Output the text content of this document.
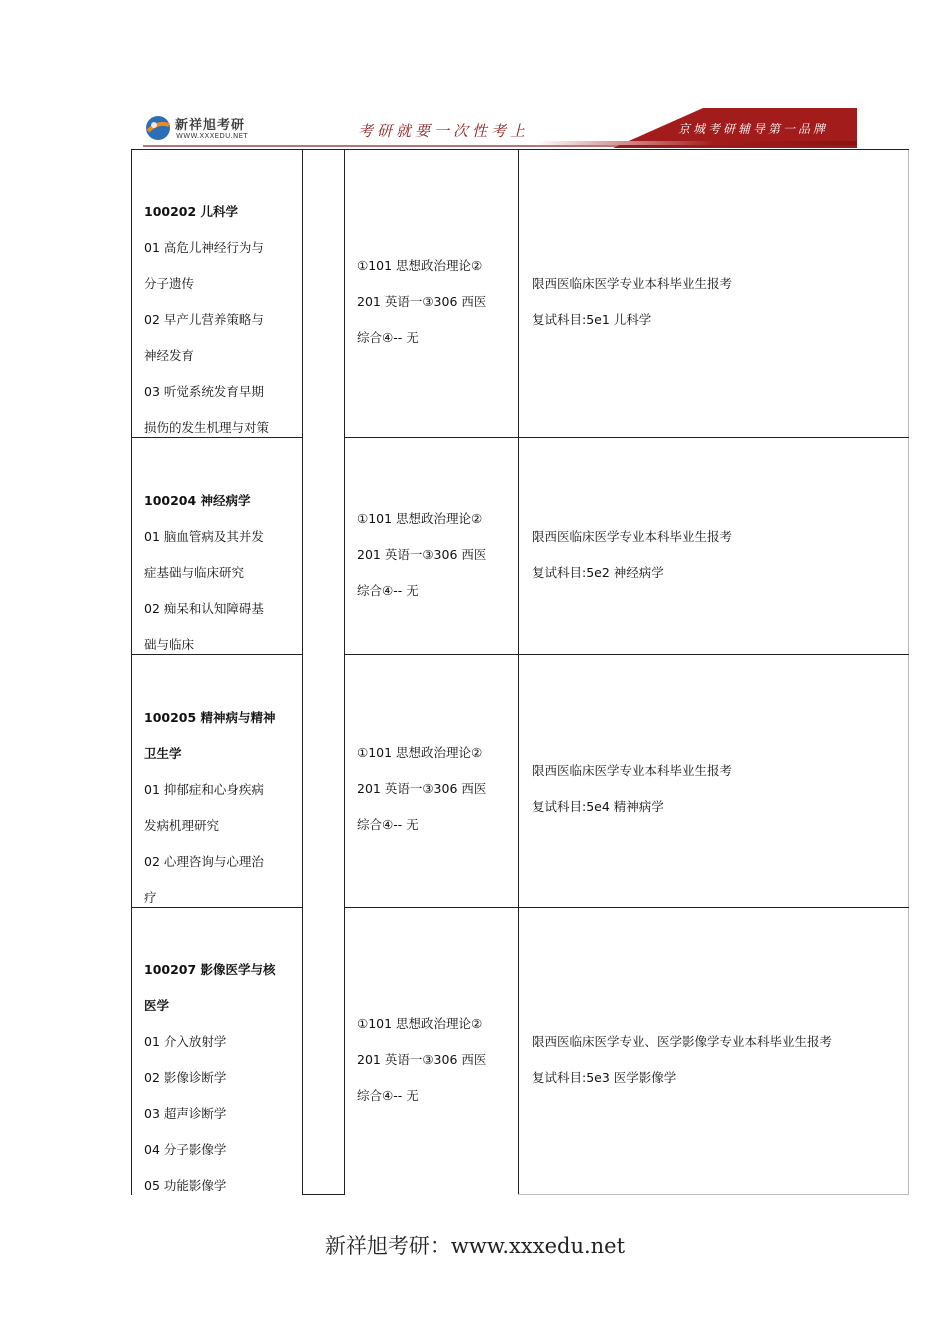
新祥旭考研
WWW.XXXEDU.NET	考研就要一次性考上	京城考研辅导第一品牌

100202 儿科学

01 高危儿神经行为与

分子遗传

02 早产儿营养策略与

神经发育

03 听觉系统发育早期

损伤的发生机理与对策

①101 思想政治理论②

201 英语一③306 西医

综合④-- 无

限西医临床医学专业本科毕业生报考

复试科目:5e1 儿科学

100204 神经病学

01 脑血管病及其并发

症基础与临床研究

02 痴呆和认知障碍基

础与临床

①101 思想政治理论②

201 英语一③306 西医

综合④-- 无

限西医临床医学专业本科毕业生报考

复试科目:5e2 神经病学

100205 精神病与精神

卫生学

01 抑郁症和心身疾病

发病机理研究

02 心理咨询与心理治

疗

①101 思想政治理论②

201 英语一③306 西医

综合④-- 无

限西医临床医学专业本科毕业生报考

复试科目:5e4 精神病学

100207 影像医学与核

医学

01 介入放射学

02 影像诊断学

03 超声诊断学

04 分子影像学

05 功能影像学

①101 思想政治理论②

201 英语一③306 西医

综合④-- 无

限西医临床医学专业、医学影像学专业本科毕业生报考

复试科目:5e3 医学影像学

新祥旭考研：www.xxxedu.net
